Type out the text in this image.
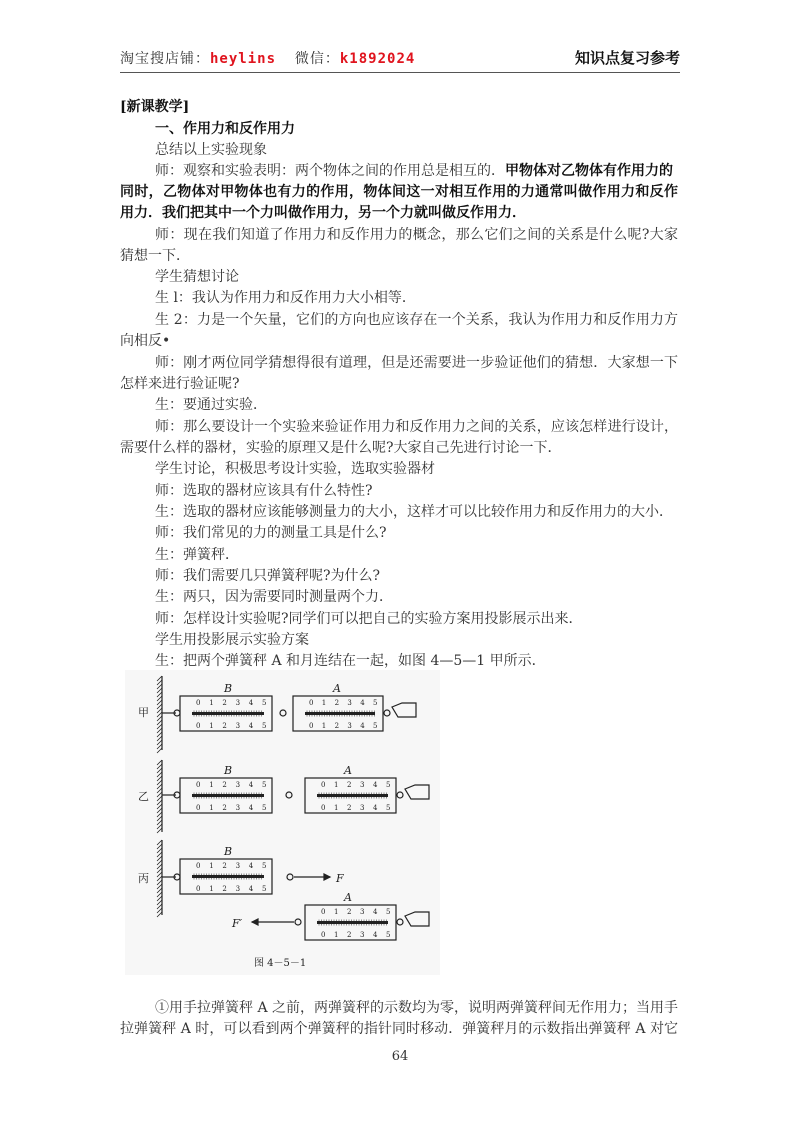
淘宝搜店铺：heylins 微信：k1892024	知识点复习参考
[新课教学]
一、作用力和反作用力
总结以上实验现象
师：观察和实验表明：两个物体之间的作用总是相互的．甲物体对乙物体有作用力的
同时，乙物体对甲物体也有力的作用，物体间这一对相互作用的力通常叫做作用力和反作
用力．我们把其中一个力叫做作用力，另一个力就叫做反作用力．
师：现在我们知道了作用力和反作用力的概念，那么它们之间的关系是什么呢?大家
猜想一下．
学生猜想讨论
生 l：我认为作用力和反作用力大小相等．
生 2：力是一个矢量，它们的方向也应该存在一个关系，我认为作用力和反作用力方
向相反•
师：刚才两位同学猜想得很有道理，但是还需要进一步验证他们的猜想．大家想一下
怎样来进行验证呢?
生：要通过实验．
师：那么要设计一个实验来验证作用力和反作用力之间的关系，应该怎样进行设计，
需要什么样的器材，实验的原理又是什么呢?大家自己先进行讨论一下．
学生讨论，积极思考设计实验，选取实验器材
师：选取的器材应该具有什么特性?
生：选取的器材应该能够测量力的大小，这样才可以比较作用力和反作用力的大小．
师：我们常见的力的测量工具是什么?
生：弹簧秤．
师：我们需要几只弹簧秤呢?为什么?
生：两只，因为需要同时测量两个力．
师：怎样设计实验呢?同学们可以把自己的实验方案用投影展示出来．
学生用投影展示实验方案
生：把两个弹簧秤 A 和月连结在一起，如图 4—5—1 甲所示．
0
0
1
1
2
2
3
3
4
4
5
5
0
0
1
1
2
2
3
3
4
4
5
5
0
0
1
1
2
2
3
3
4
4
5
5
0
0
1
1
2
2
3
3
4
4
5
5
0
0
1
1
2
2
3
3
4
4
5
5
0
0
1
1
2
2
3
3
4
4
5
5
甲
乙
丙
B	A
B	A
B
A
F
F′
图 4－5－1
①用手拉弹簧秤 A 之前，两弹簧秤的示数均为零，说明两弹簧秤间无作用力；当用手
拉弹簧秤 A 时，可以看到两个弹簧秤的指针同时移动．弹簧秤月的示数指出弹簧秤 A 对它
64
